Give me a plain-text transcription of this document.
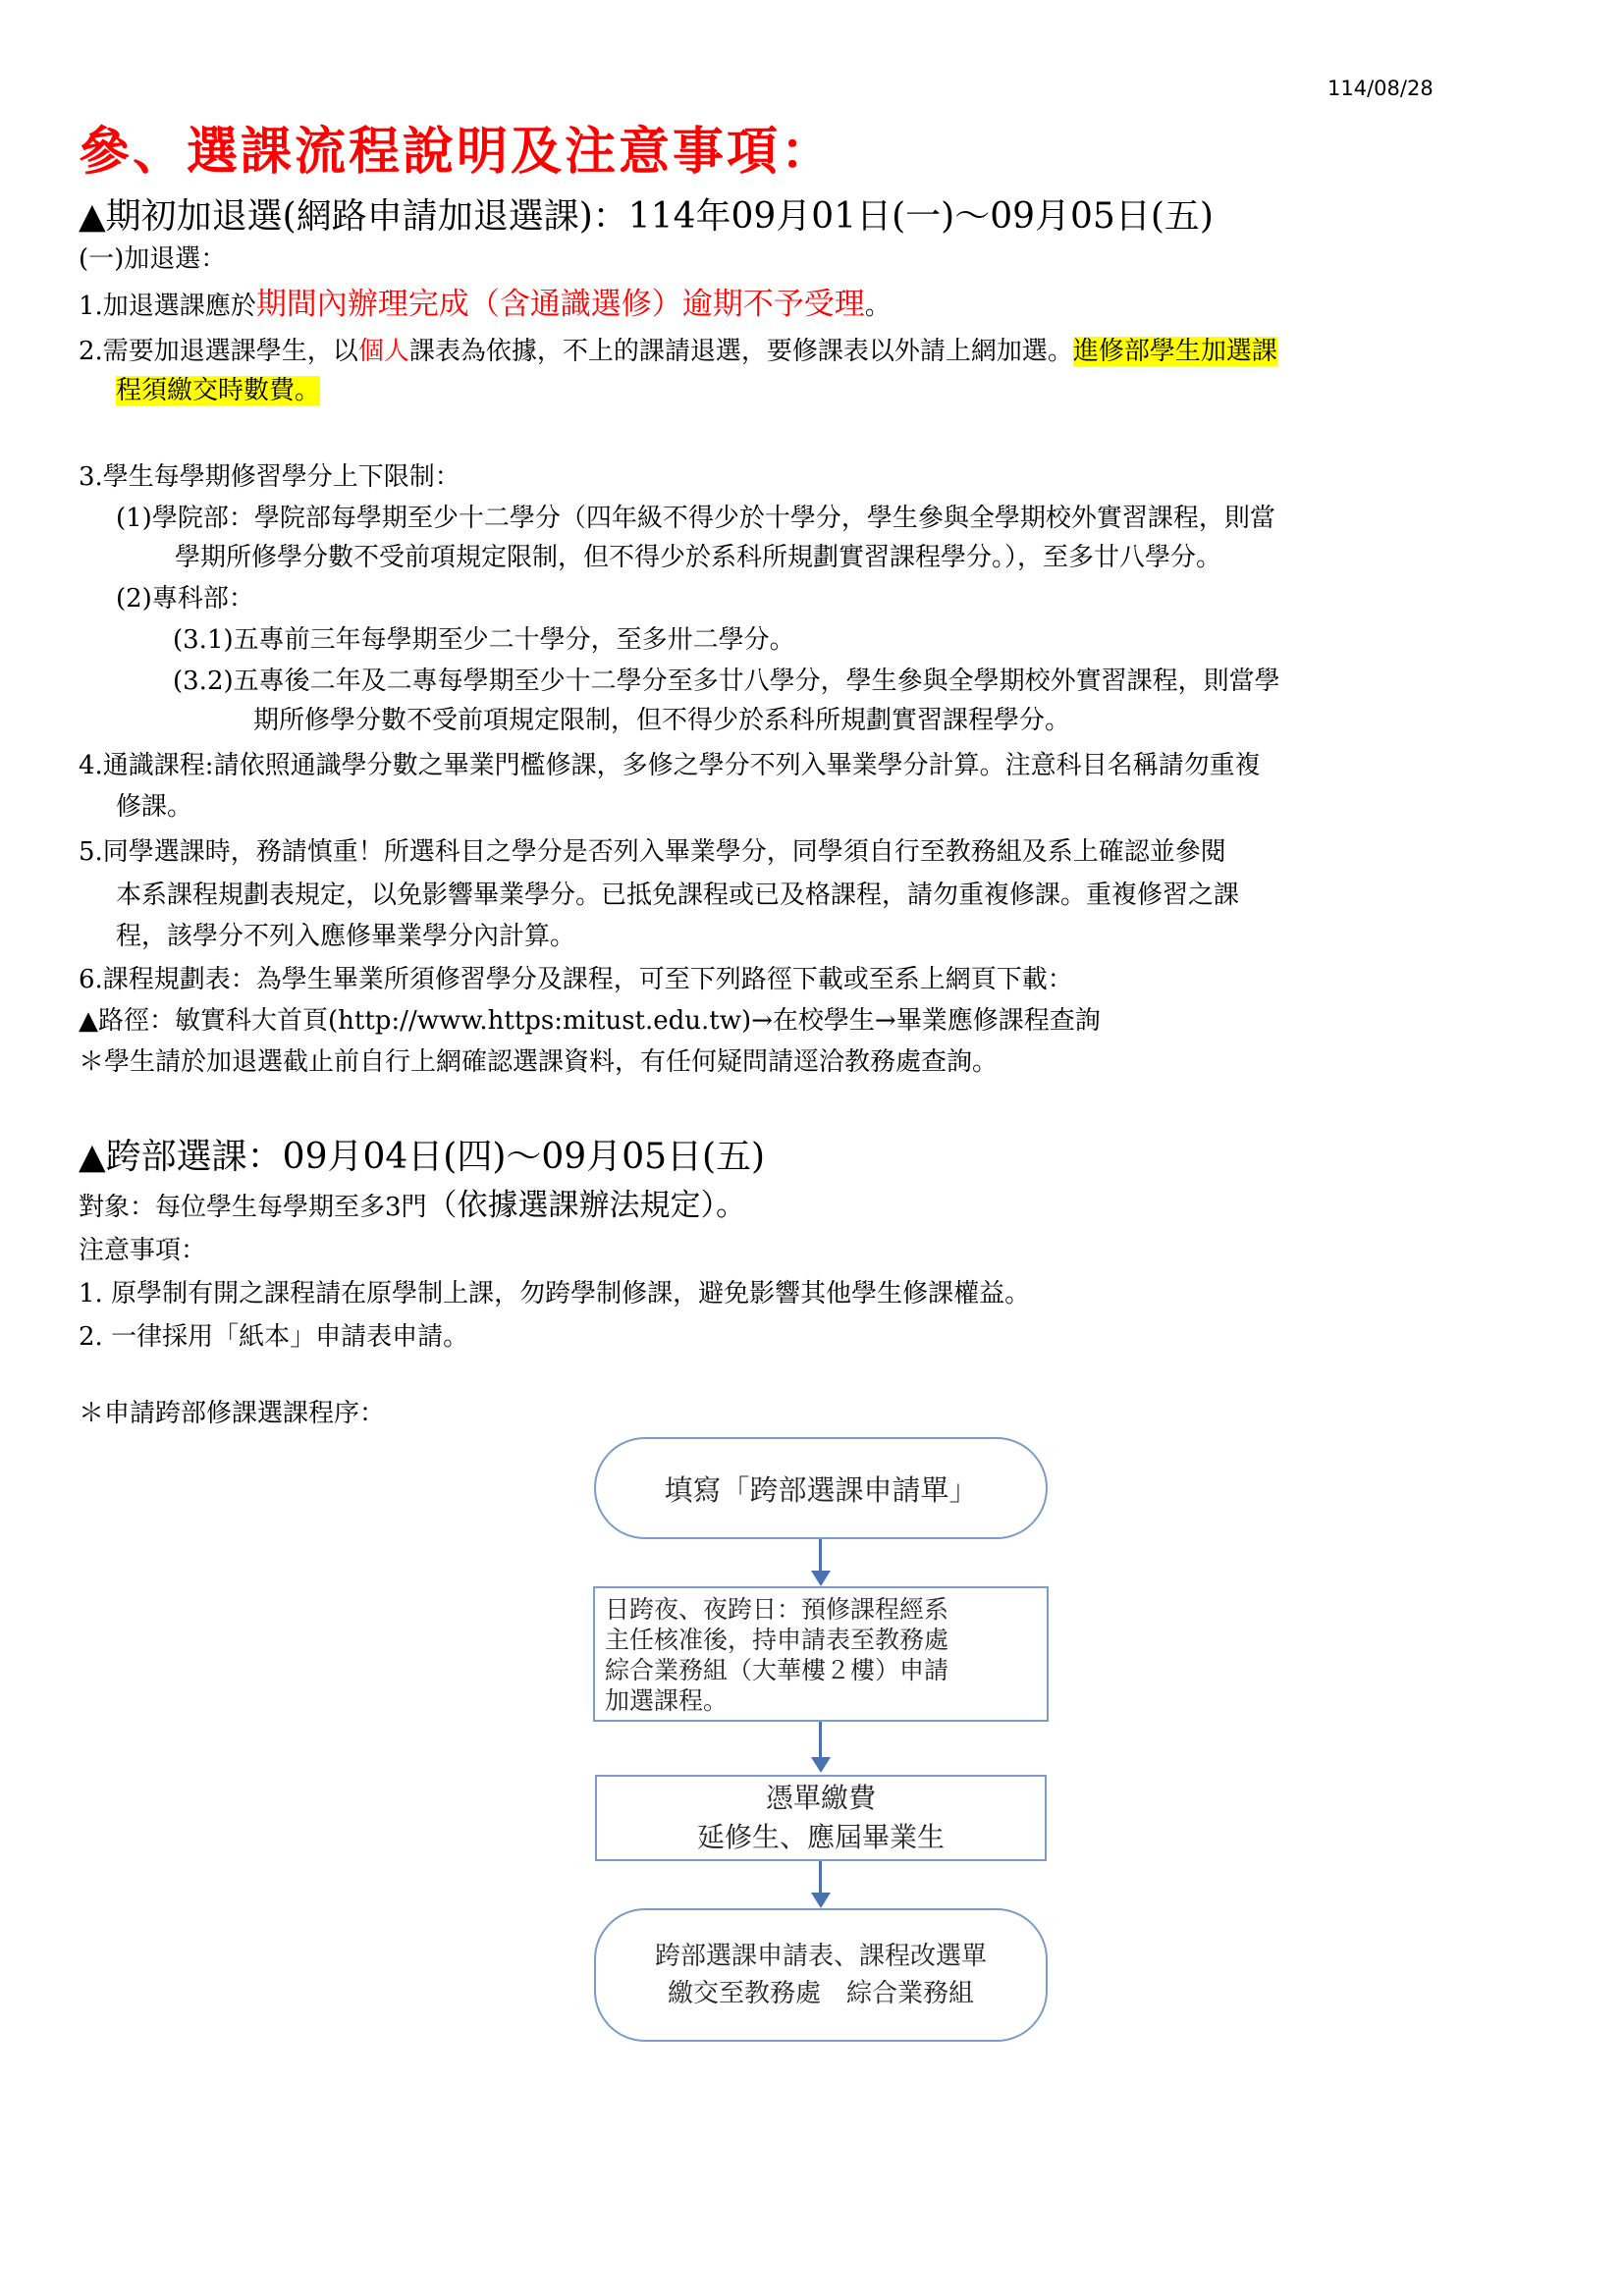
114/08/28
參、選課流程說明及注意事項：
▲期初加退選(網路申請加退選課)：114年09月01日(一)～09月05日(五)
(一)加退選：
1.加退選課應於期間內辦理完成（含通識選修）逾期不予受理。
2.需要加退選課學生，以個人課表為依據，不上的課請退選，要修課表以外請上網加選。進修部學生加選課
程須繳交時數費。
3.學生每學期修習學分上下限制：
(1)學院部：學院部每學期至少十二學分（四年級不得少於十學分，學生參與全學期校外實習課程，則當
學期所修學分數不受前項規定限制，但不得少於系科所規劃實習課程學分。），至多廿八學分。
(2)專科部：
(3.1)五專前三年每學期至少二十學分，至多卅二學分。
(3.2)五專後二年及二專每學期至少十二學分至多廿八學分，學生參與全學期校外實習課程，則當學
期所修學分數不受前項規定限制，但不得少於系科所規劃實習課程學分。
4.通識課程:請依照通識學分數之畢業門檻修課，多修之學分不列入畢業學分計算。注意科目名稱請勿重複
修課。
5.同學選課時，務請慎重！所選科目之學分是否列入畢業學分，同學須自行至教務組及系上確認並參閱
本系課程規劃表規定，以免影響畢業學分。已抵免課程或已及格課程，請勿重複修課。重複修習之課
程，該學分不列入應修畢業學分內計算。
6.課程規劃表：為學生畢業所須修習學分及課程，可至下列路徑下載或至系上網頁下載：
▲路徑：敏實科大首頁(http://www.https:mitust.edu.tw)→在校學生→畢業應修課程查詢
＊學生請於加退選截止前自行上網確認選課資料，有任何疑問請逕洽教務處查詢。
▲跨部選課：09月04日(四)～09月05日(五)
對象：每位學生每學期至多3門（依據選課辦法規定）。
注意事項：
1. 原學制有開之課程請在原學制上課，勿跨學制修課，避免影響其他學生修課權益。
2. 一律採用「紙本」申請表申請。
＊申請跨部修課選課程序：
填寫「跨部選課申請單」
日跨夜、夜跨日：預修課程經系
主任核准後，持申請表至教務處
綜合業務組（大華樓２樓）申請
加選課程。
憑單繳費
延修生、應屆畢業生
跨部選課申請表、課程改選單
繳交至教務處　綜合業務組
